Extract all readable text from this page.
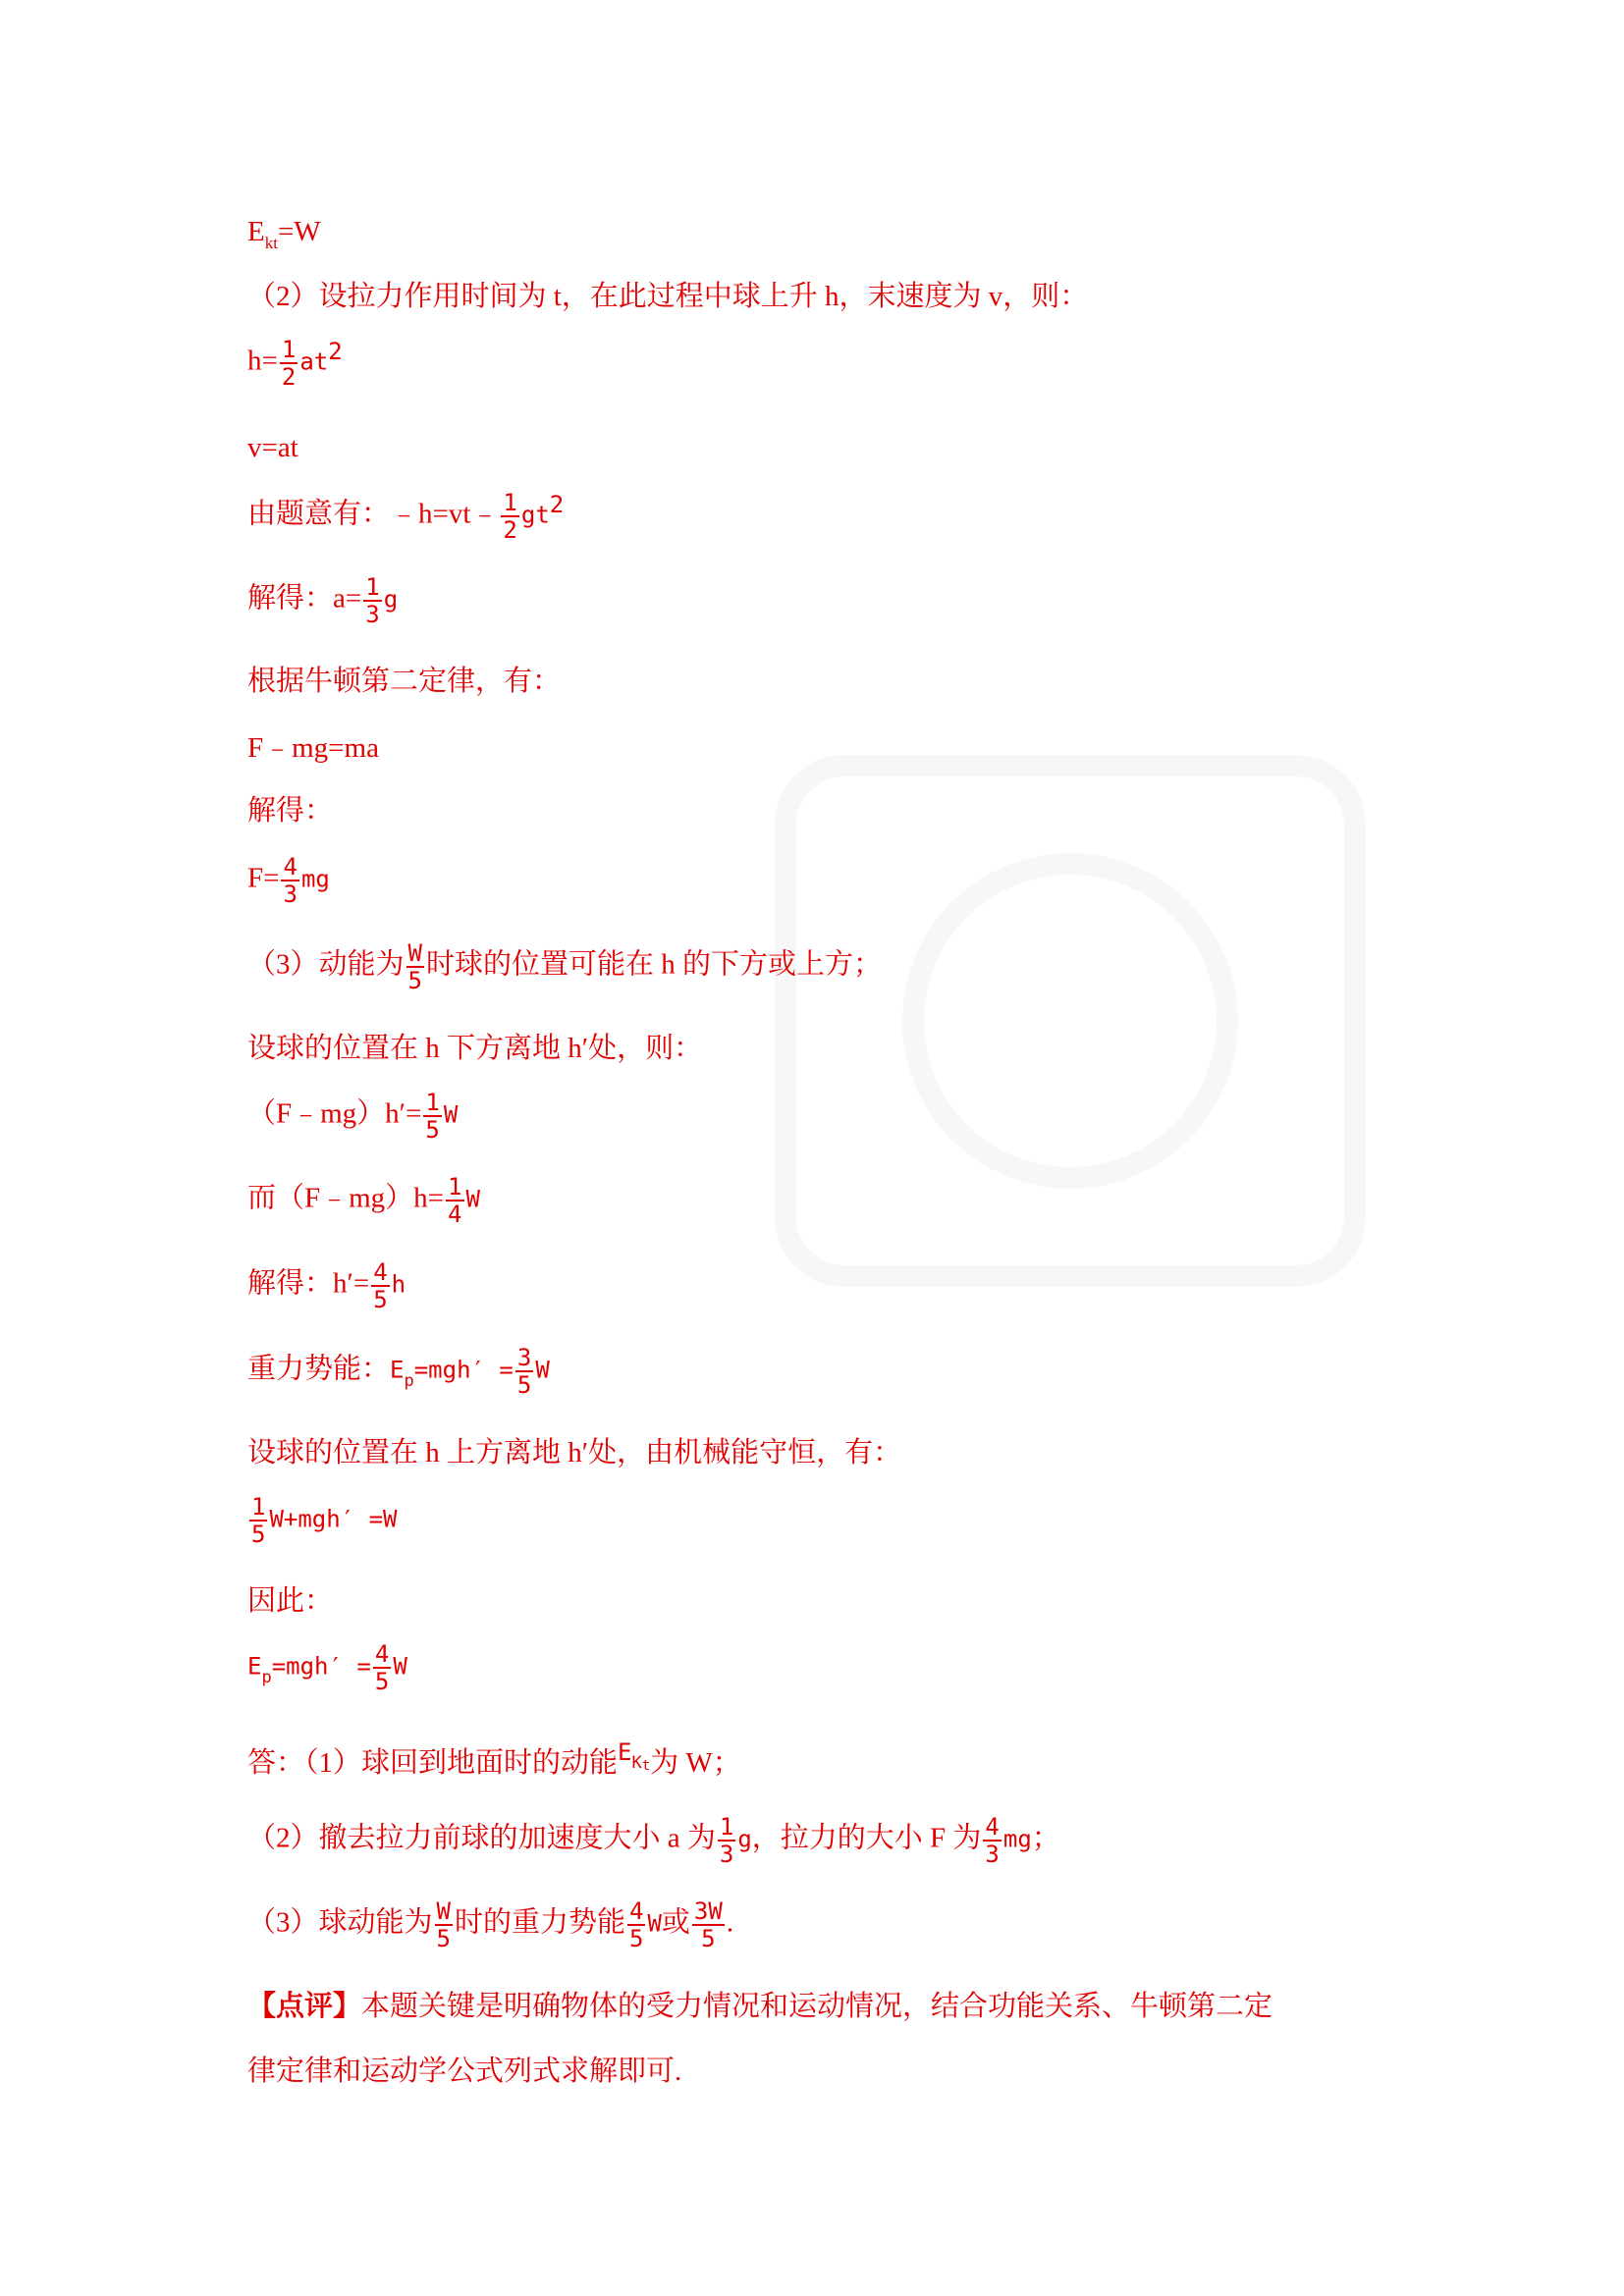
$E_{kt}=W$
（2）设拉力作用时间为 t，在此过程中球上升 h，末速度为 v，则：
$h= \frac{1}{2} at^2$
v=at
由题意有：﹣h=vt﹣ $\frac{1}{2} gt^2$
解得：$a= \frac{1}{3}$ g
根据牛顿第二定律，有：
F﹣mg=ma
解得：
$F= \frac{4}{3}$ mg
（3）动能为 $\frac{W}{5}$ 时球的位置可能在 h 的下方或上方；
设球的位置在 h 下方离地 h′处，则：
（F﹣mg）h′= $\frac{1}{5}$ W
而（F﹣mg）h= $\frac{1}{4}$ W
解得：$h'= \frac{4}{5}$ h
重力势能：$E_p=mgh' = \frac{3}{5}$ W
设球的位置在 h 上方离地 h′处，由机械能守恒，有：
$\frac{1}{5} W+mgh' =W$
因此：
$E_p=mgh' = \frac{4}{5}$ W
答：（1）球回到地面时的动能$^E$Kt为 W；
（2）撤去拉力前球的加速度大小 a 为 $\frac{1}{3}$ g，拉力的大小 F 为 $\frac{4}{3}$ mg；
（3）球动能为 $\frac{W}{5}$ 时的重力势能 $\frac{4}{5}$ W或 $\frac{3W}{5}$ .
【点评】本题关键是明确物体的受力情况和运动情况，结合功能关系、牛顿第二定
律定律和运动学公式列式求解即可.
